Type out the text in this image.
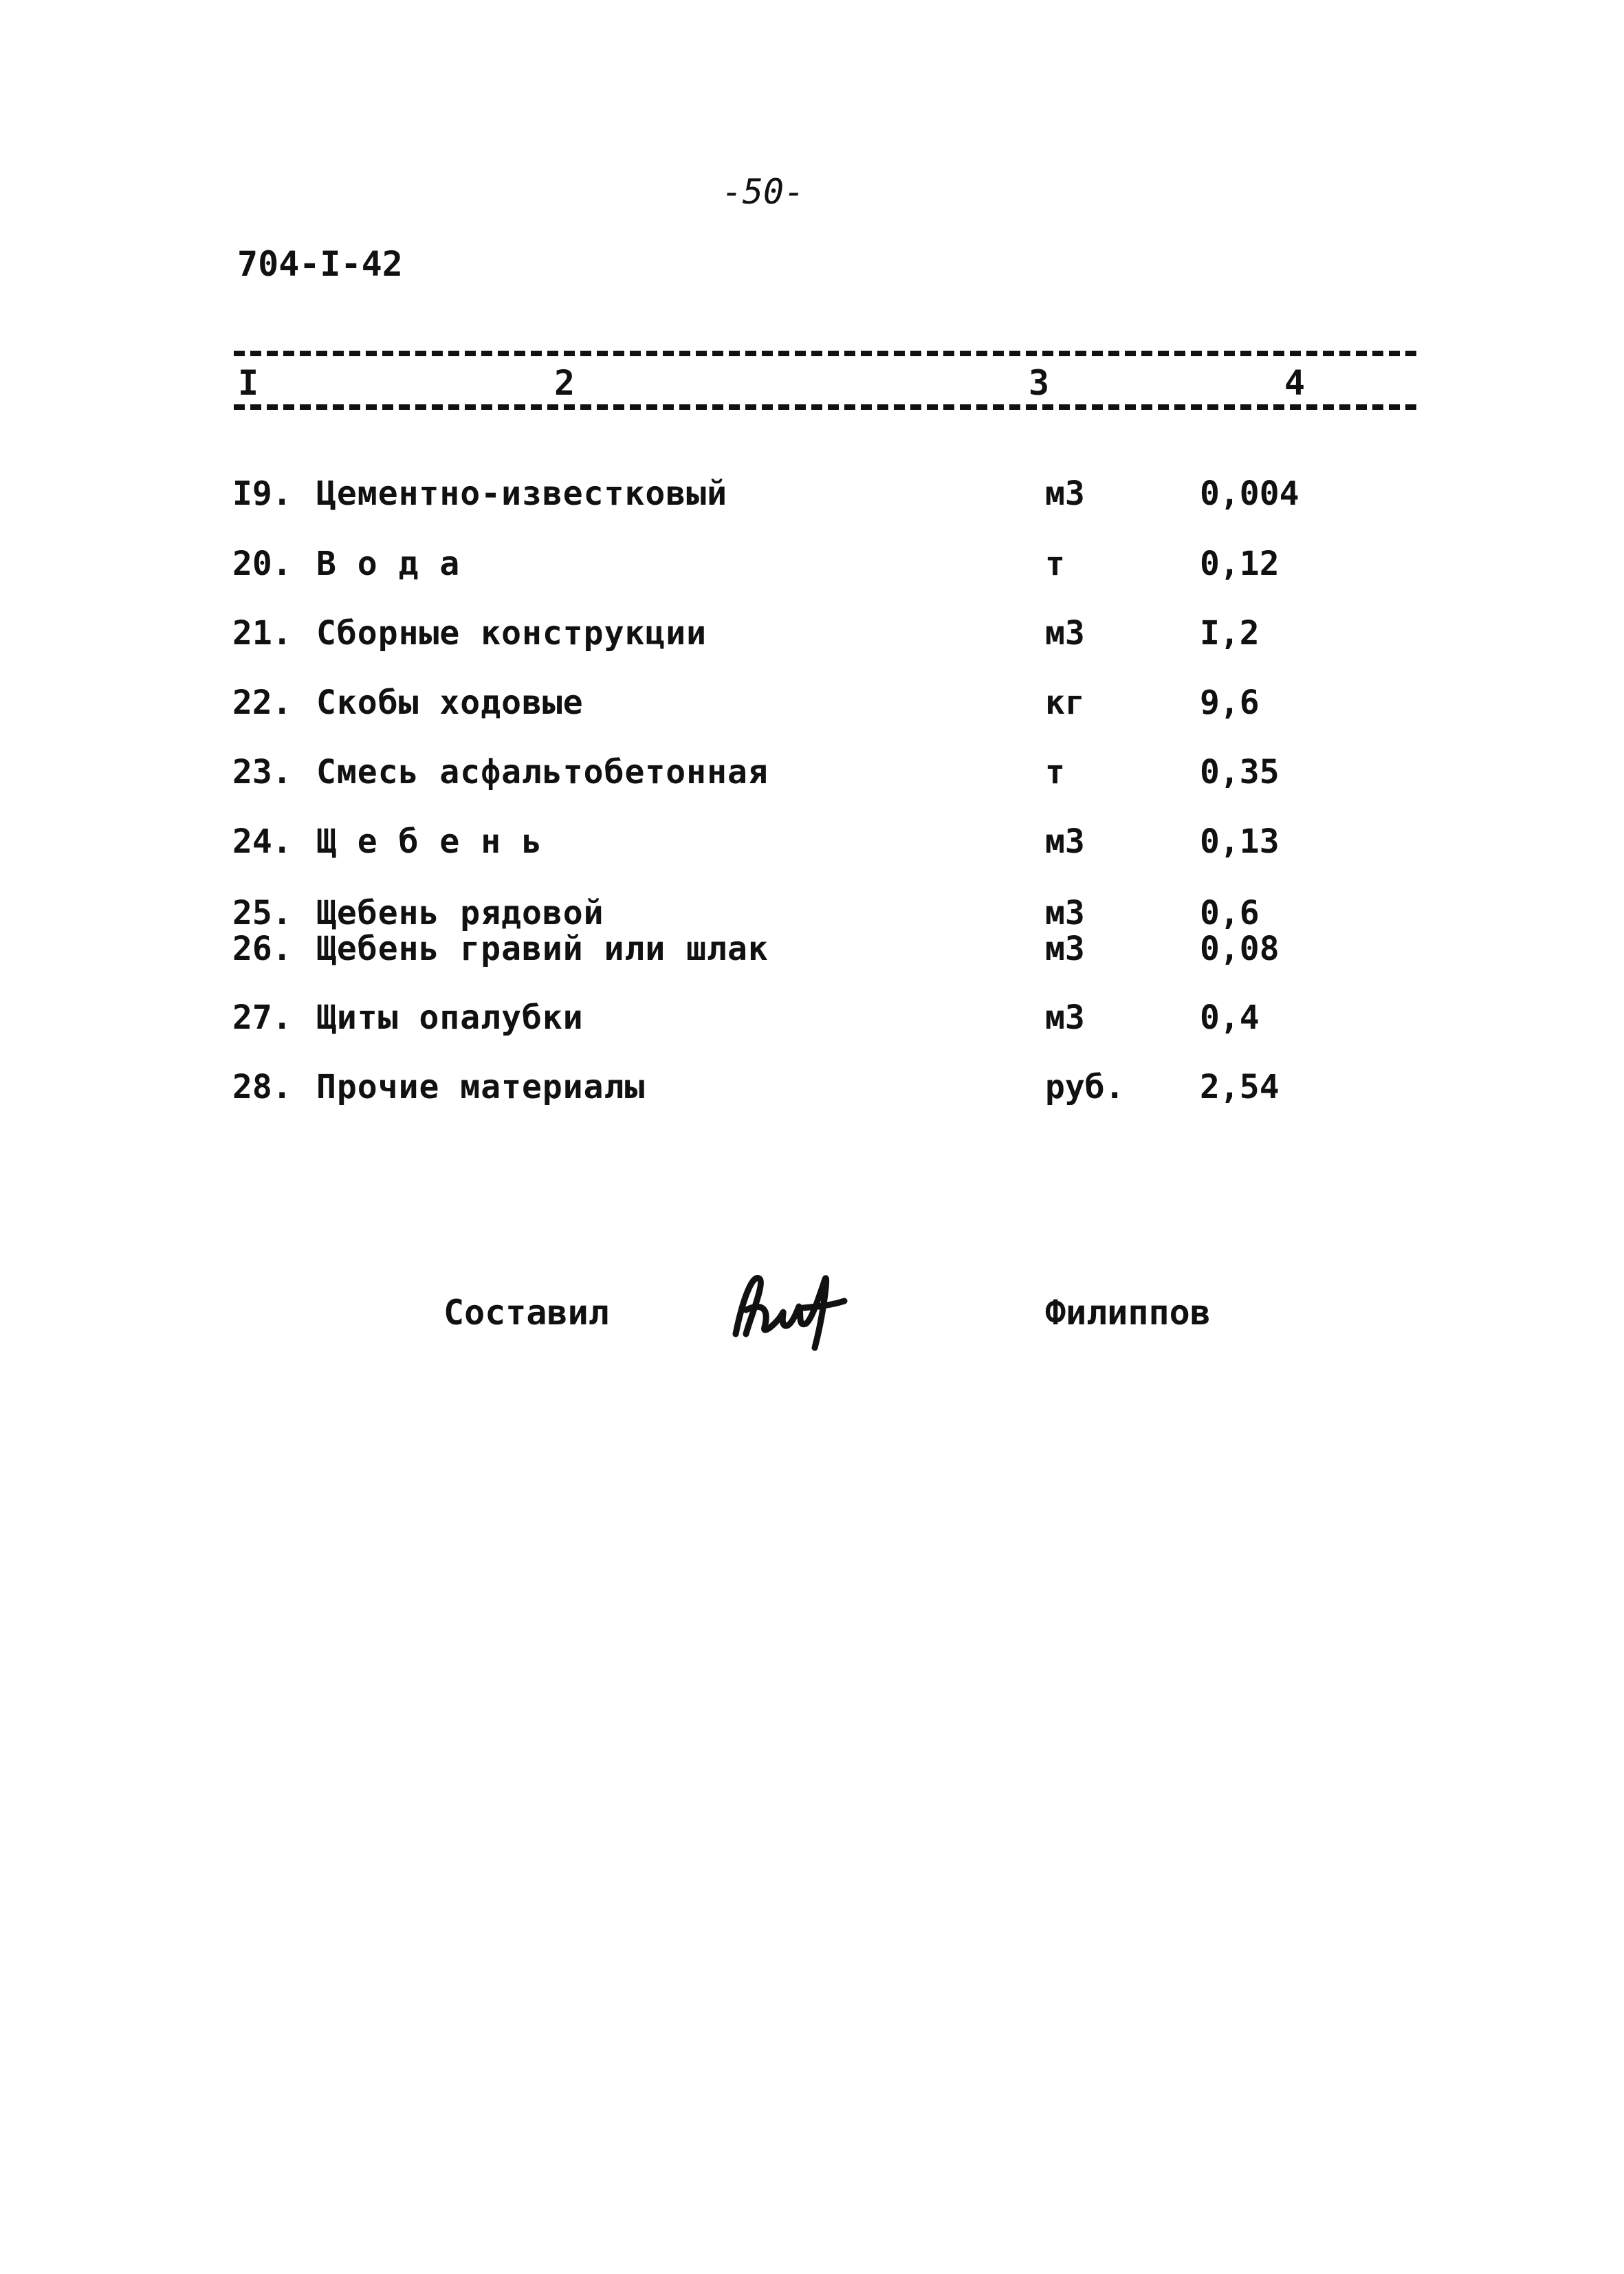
-50-
704-I-42
I	2	3	4
I9. Цементно-известковый	м3	0,004
20. В о д а	т	0,12
21. Сборные конструкции	м3	I,2
22. Скобы ходовые	кг	9,6
23. Смесь асфальтобетонная	т	0,35
24. Щ е б е н ь	м3	0,13
25. Щебень рядовой	м3	0,6
26. Щебень гравий или шлак	м3	0,08
27. Щиты опалубки	м3	0,4
28. Прочие материалы	руб. 2,54
Составил	Филиппов
